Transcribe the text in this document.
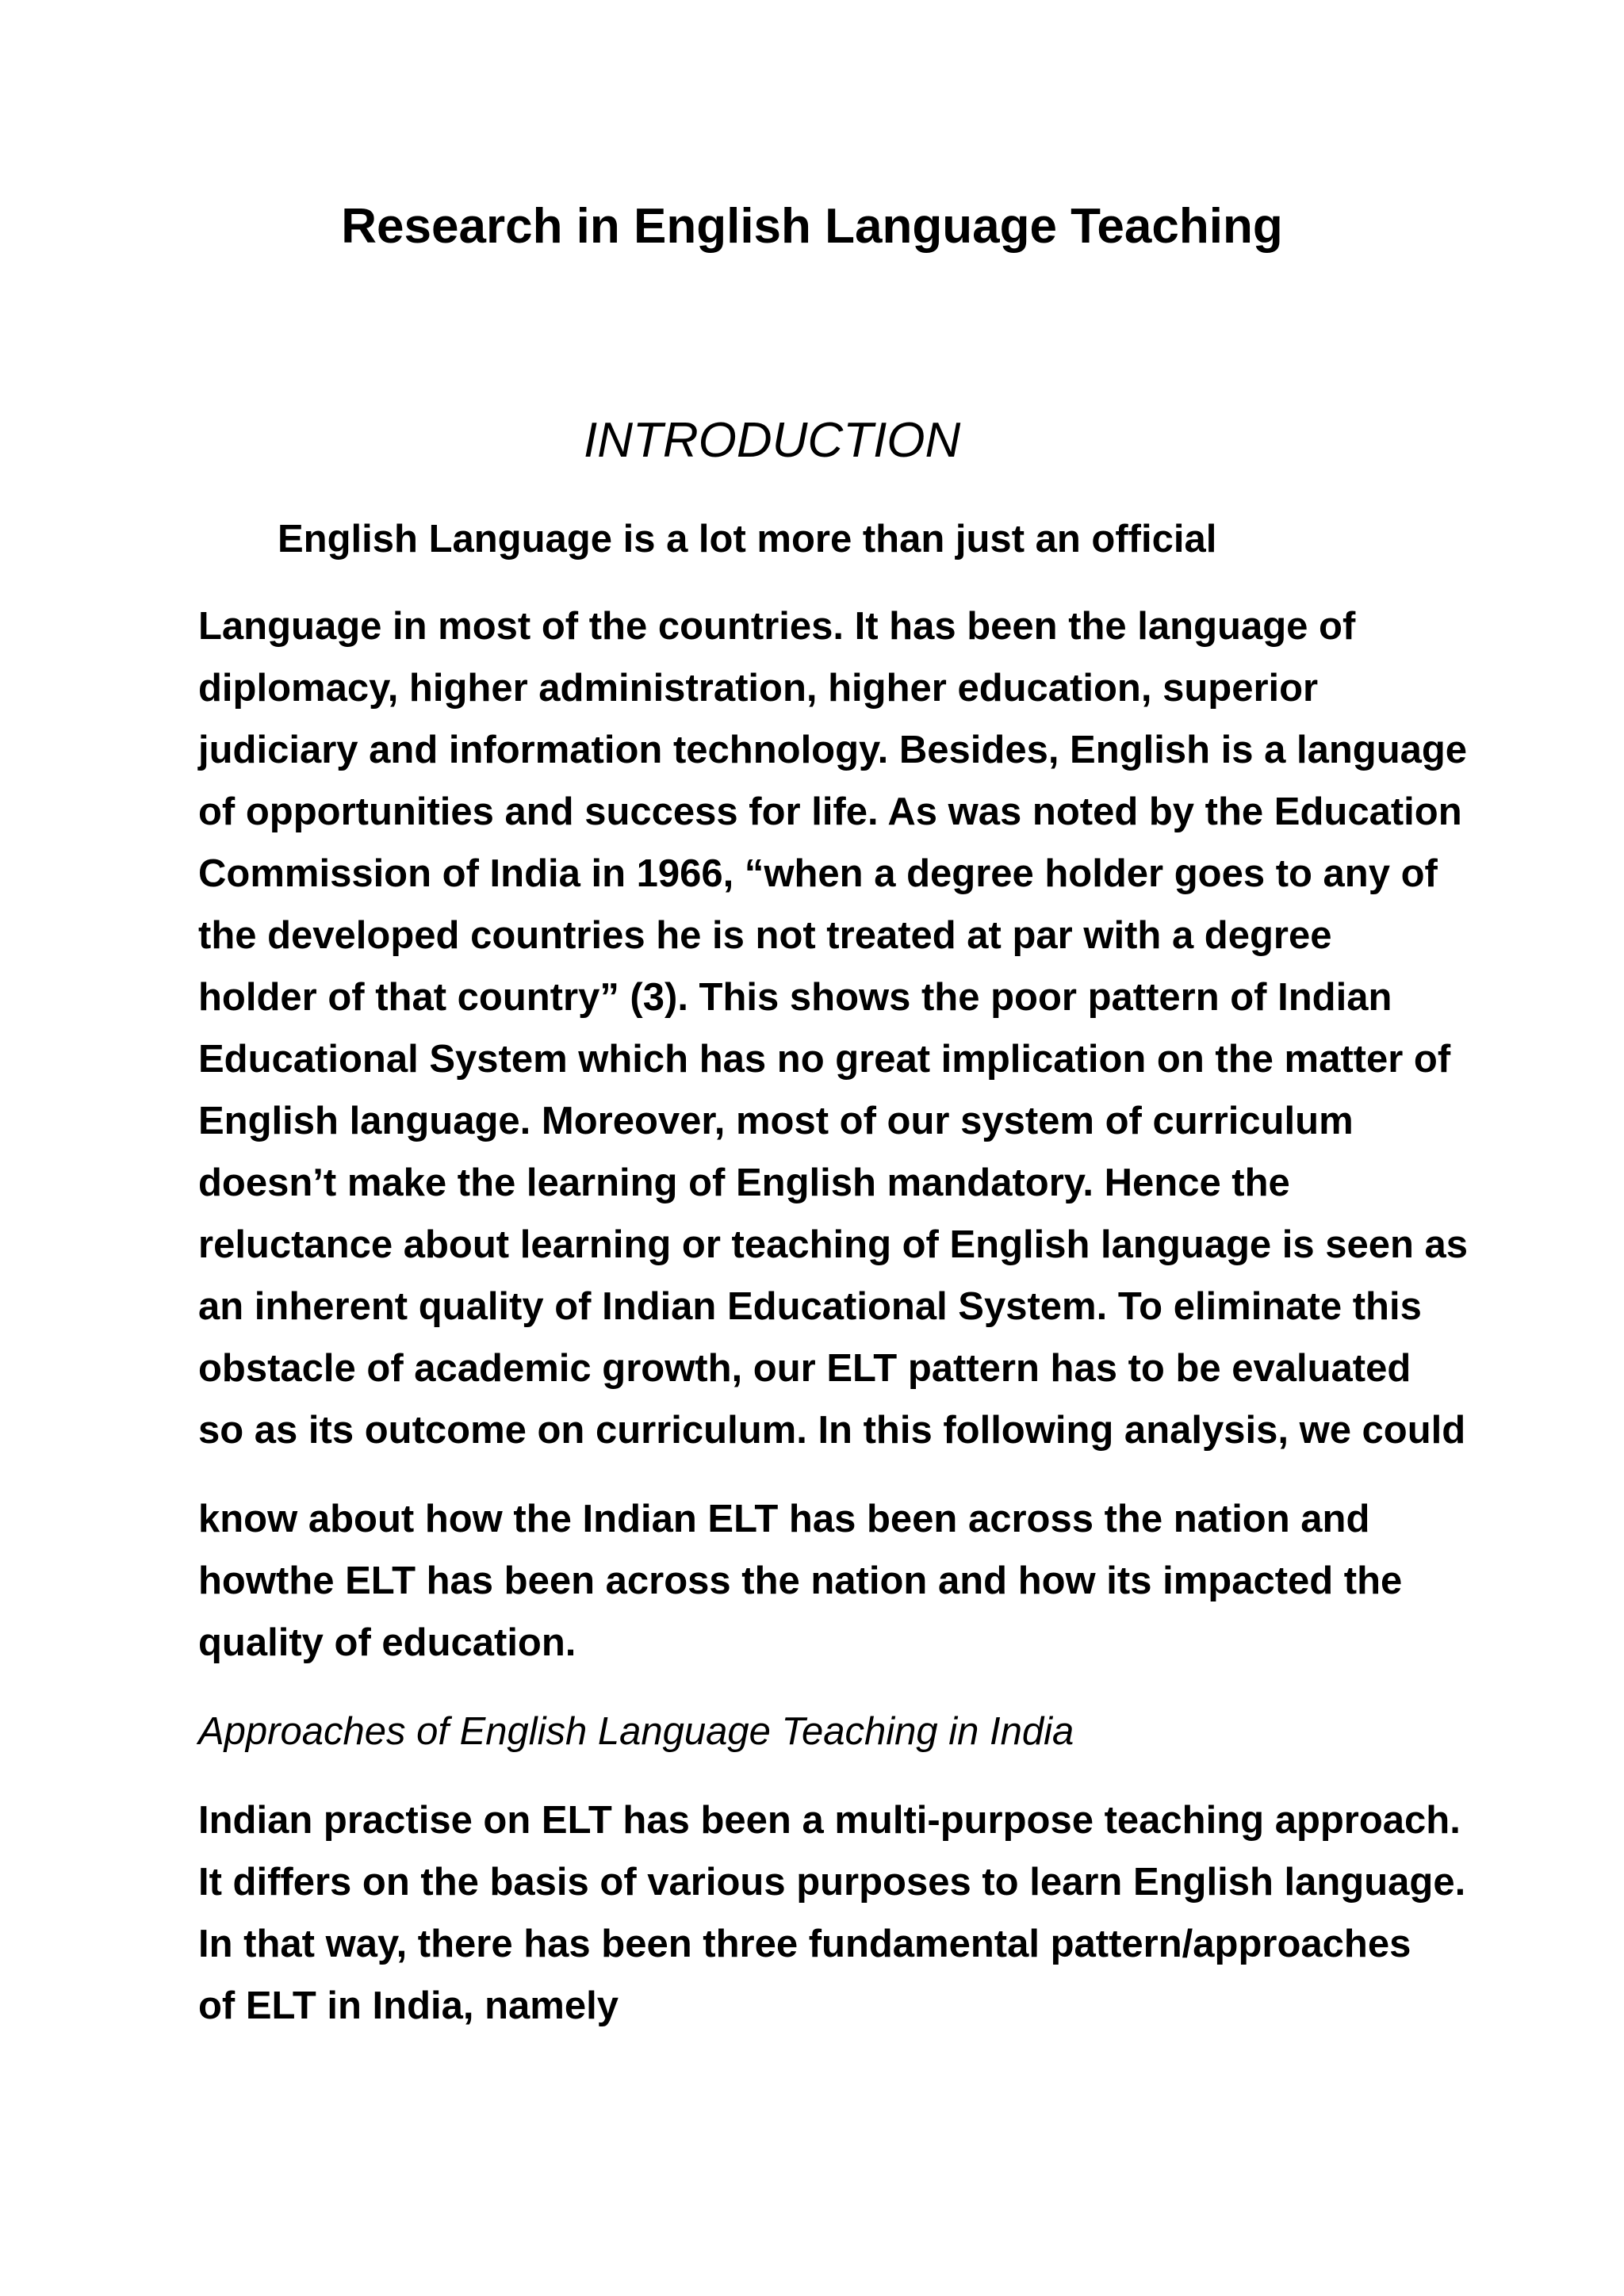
Research in English Language Teaching
INTRODUCTION
English Language is a lot more than just an official
Language in most of the countries. It has been the language of
diplomacy, higher administration, higher education, superior
judiciary and information technology. Besides, English is a language
of opportunities and success for life. As was noted by the Education
Commission of India in 1966, “when a degree holder goes to any of
the developed countries he is not treated at par with a degree
holder of that country” (3). This shows the poor pattern of Indian
Educational System which has no great implication on the matter of
English language. Moreover, most of our system of curriculum
doesn’t make the learning of English mandatory. Hence the
reluctance about learning or teaching of English language is seen as
an inherent quality of Indian Educational System. To eliminate this
obstacle of academic growth, our ELT pattern has to be evaluated
so as its outcome on curriculum. In this following analysis, we could
know about how the Indian ELT has been across the nation and
howthe ELT has been across the nation and how its impacted the
quality of education.
Approaches of English Language Teaching in India
Indian practise on ELT has been a multi-purpose teaching approach.
It differs on the basis of various purposes to learn English language.
In that way, there has been three fundamental pattern/approaches
of ELT in India, namely
